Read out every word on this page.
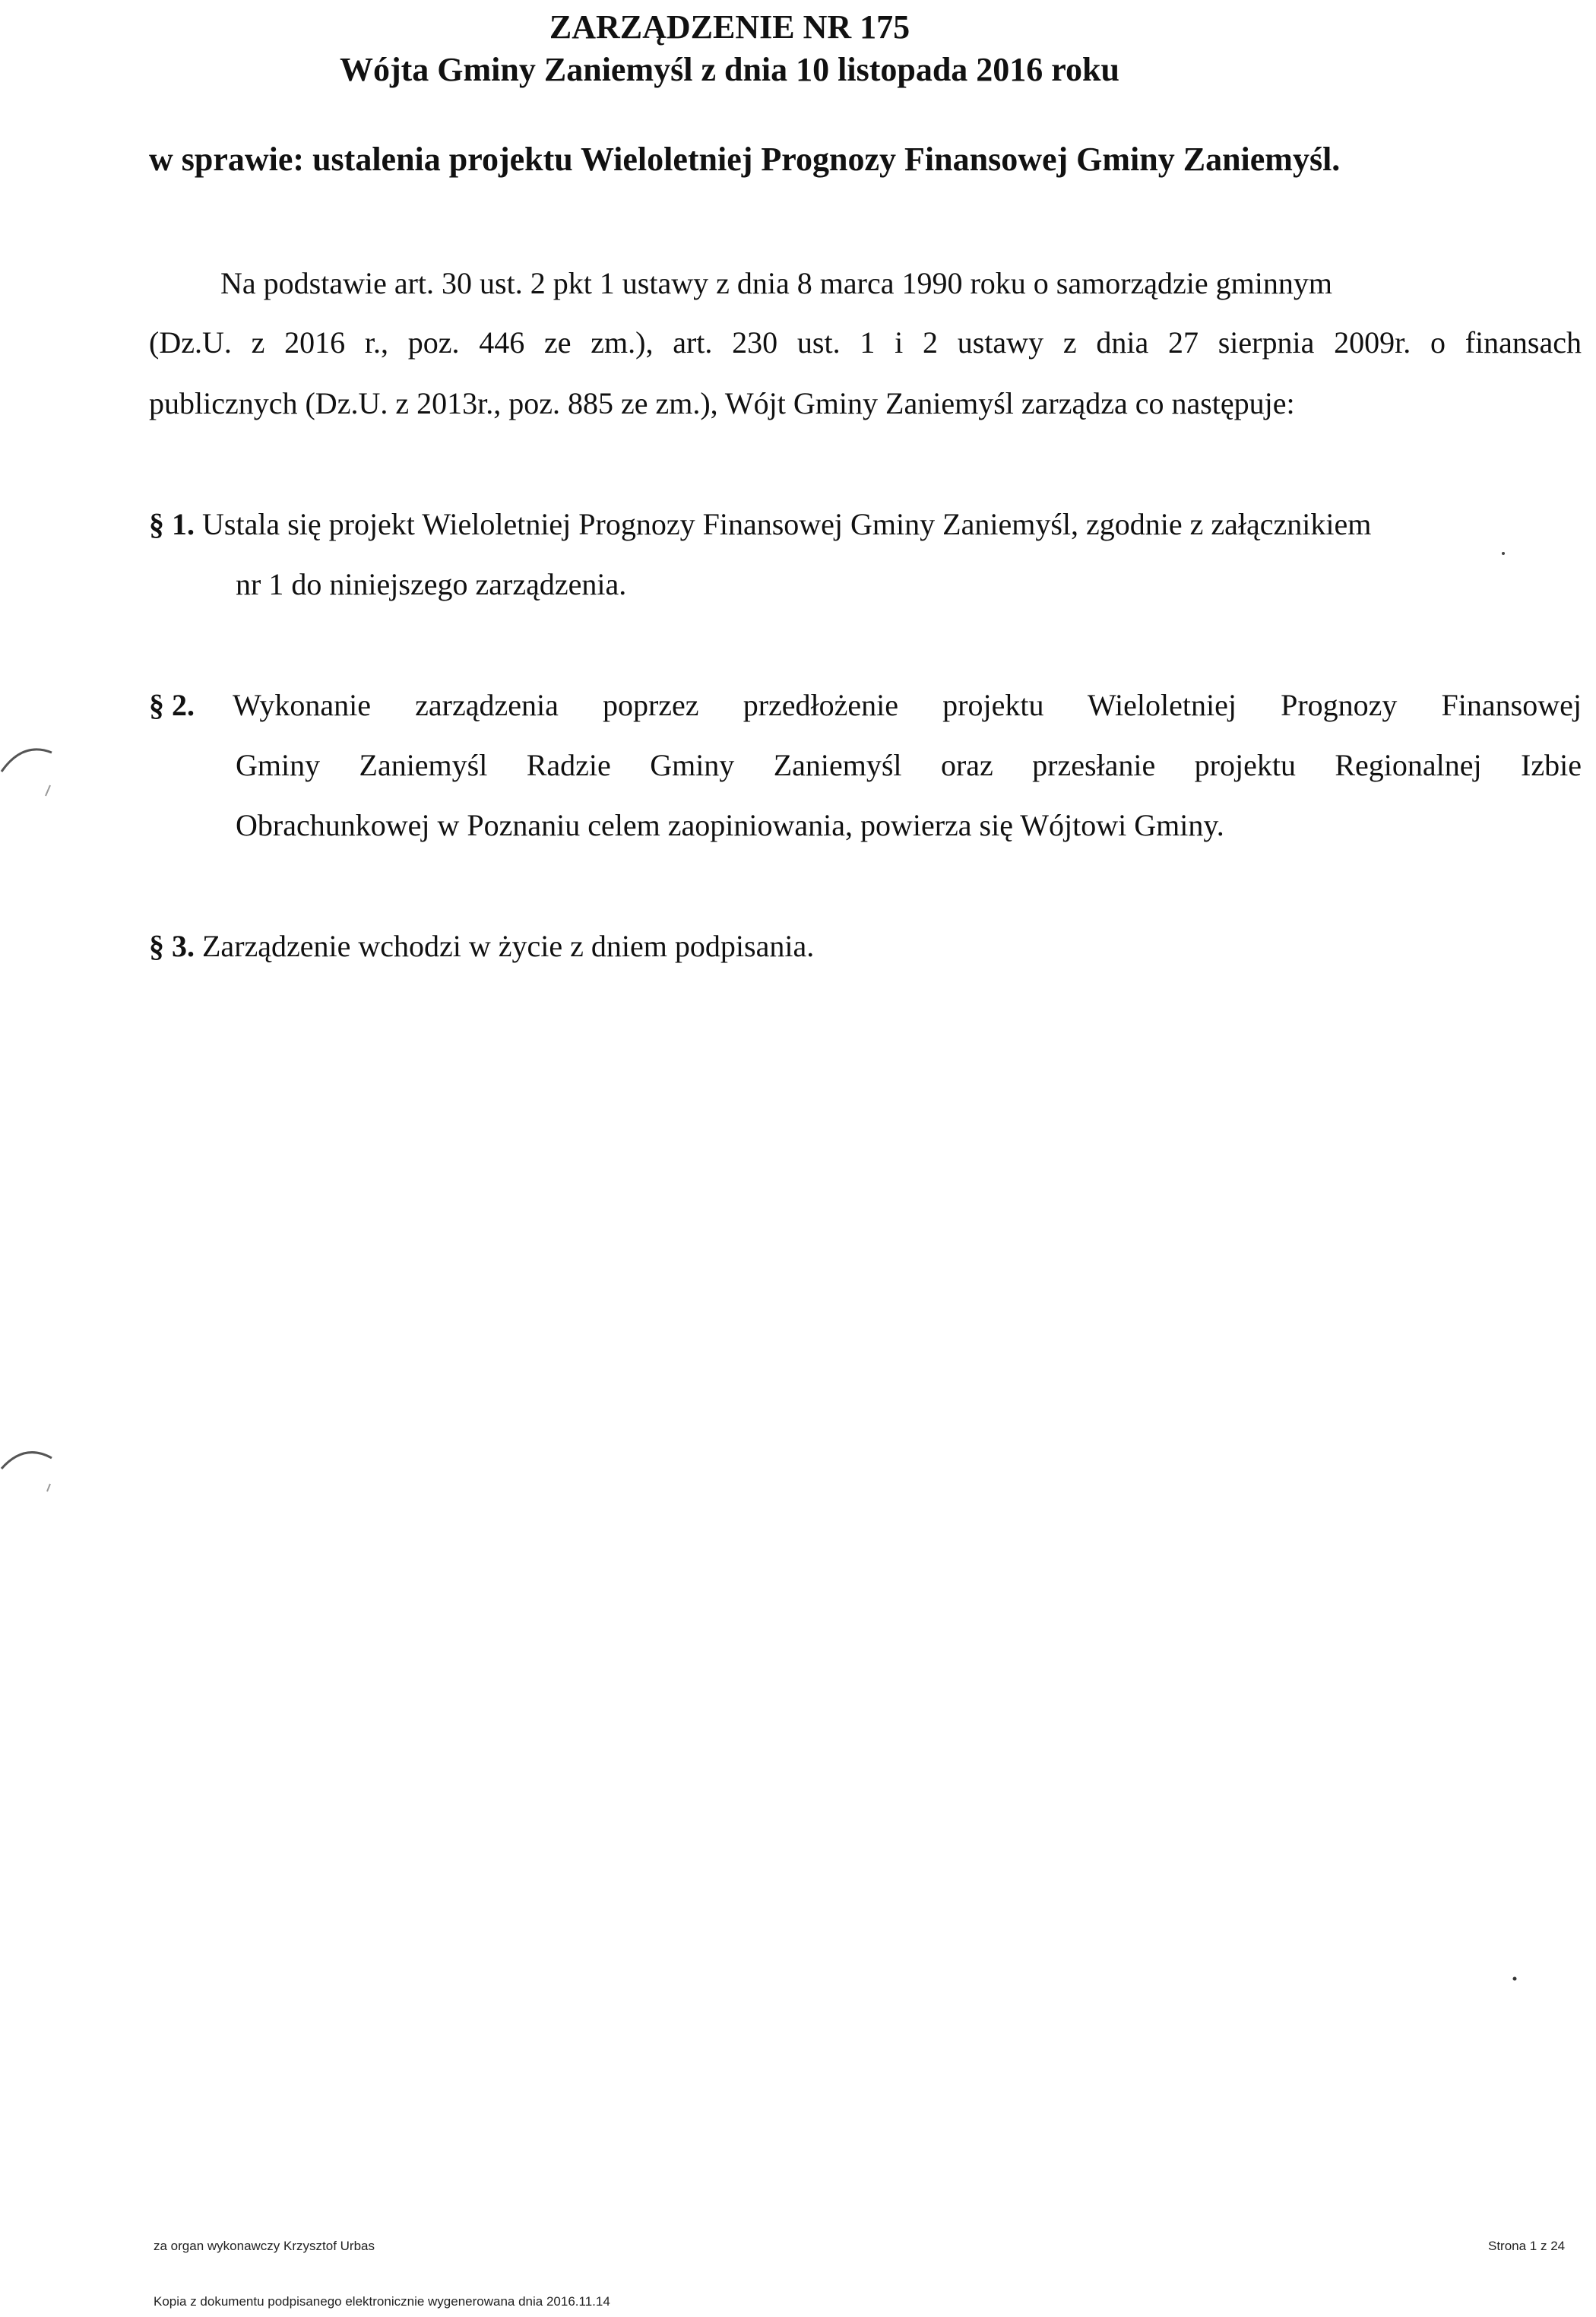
ZARZĄDZENIE NR 175
Wójta Gminy Zaniemyśl z dnia 10 listopada 2016 roku
w sprawie: ustalenia projektu Wieloletniej Prognozy Finansowej Gminy Zaniemyśl.
Na podstawie art. 30 ust. 2 pkt 1 ustawy z dnia 8 marca 1990 roku o samorządzie gminnym
(Dz.U. z 2016 r., poz. 446 ze zm.), art. 230 ust. 1 i 2 ustawy z dnia 27 sierpnia 2009r. o finansach
publicznych (Dz.U. z 2013r., poz. 885 ze zm.), Wójt Gminy Zaniemyśl zarządza co następuje:
§ 1. Ustala się projekt Wieloletniej Prognozy Finansowej Gminy Zaniemyśl, zgodnie z załącznikiem
nr 1 do niniejszego zarządzenia.
§ 2. Wykonanie zarządzenia poprzez przedłożenie projektu Wieloletniej Prognozy Finansowej
Gminy Zaniemyśl Radzie Gminy Zaniemyśl oraz przesłanie projektu Regionalnej Izbie
Obrachunkowej w Poznaniu celem zaopiniowania, powierza się Wójtowi Gminy.
§ 3. Zarządzenie wchodzi w życie z dniem podpisania.
za organ wykonawczy Krzysztof Urbas	Strona 1 z 24
Kopia z dokumentu podpisanego elektronicznie wygenerowana dnia 2016.11.14
